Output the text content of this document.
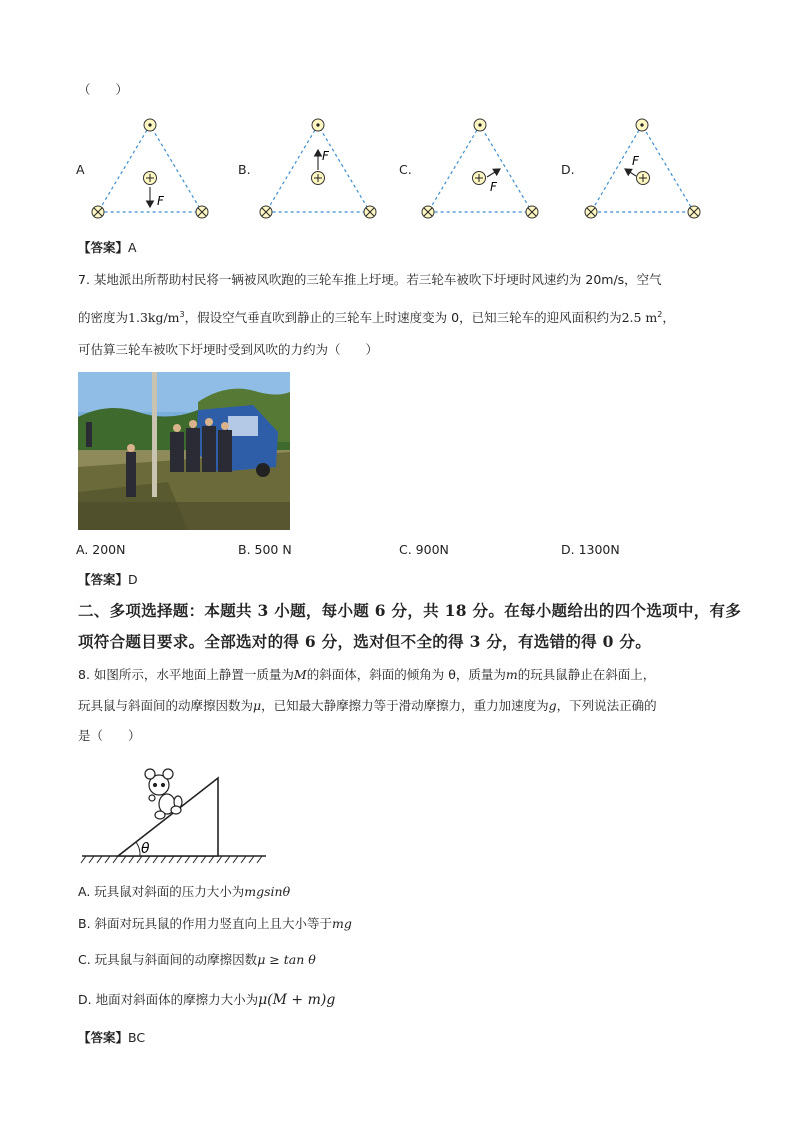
（　　）
A	B.	C.	D.
F
F
F
F
【答案】A
7. 某地派出所帮助村民将一辆被风吹跑的三轮车推上圩埂。若三轮车被吹下圩埂时风速约为 20m/s，空气
的密度为$1.3kg/m^3$，假设空气垂直吹到静止的三轮车上时速度变为 0，已知三轮车的迎风面积约为2.5 $m^2$，
可估算三轮车被吹下圩埂时受到风吹的力约为（　　）
A. 200N	B. 500 N	C. 900N	D. 1300N
【答案】D
二、多项选择题：本题共 3 小题，每小题 6 分，共 18 分。在每小题给出的四个选项中，有多
项符合题目要求。全部选对的得 6 分，选对但不全的得 3 分，有选错的得 0 分。
8. 如图所示，水平地面上静置一质量为M的斜面体，斜面的倾角为 θ，质量为m的玩具鼠静止在斜面上，
玩具鼠与斜面间的动摩擦因数为μ，已知最大静摩擦力等于滑动摩擦力，重力加速度为g，下列说法正确的
是（　　）
θ
A. 玩具鼠对斜面的压力大小为mgsinθ
B. 斜面对玩具鼠的作用力竖直向上且大小等于mg
C. 玩具鼠与斜面间的动摩擦因数μ ≥ tan θ
D. 地面对斜面体的摩擦力大小为μ(M + m)g
【答案】BC
